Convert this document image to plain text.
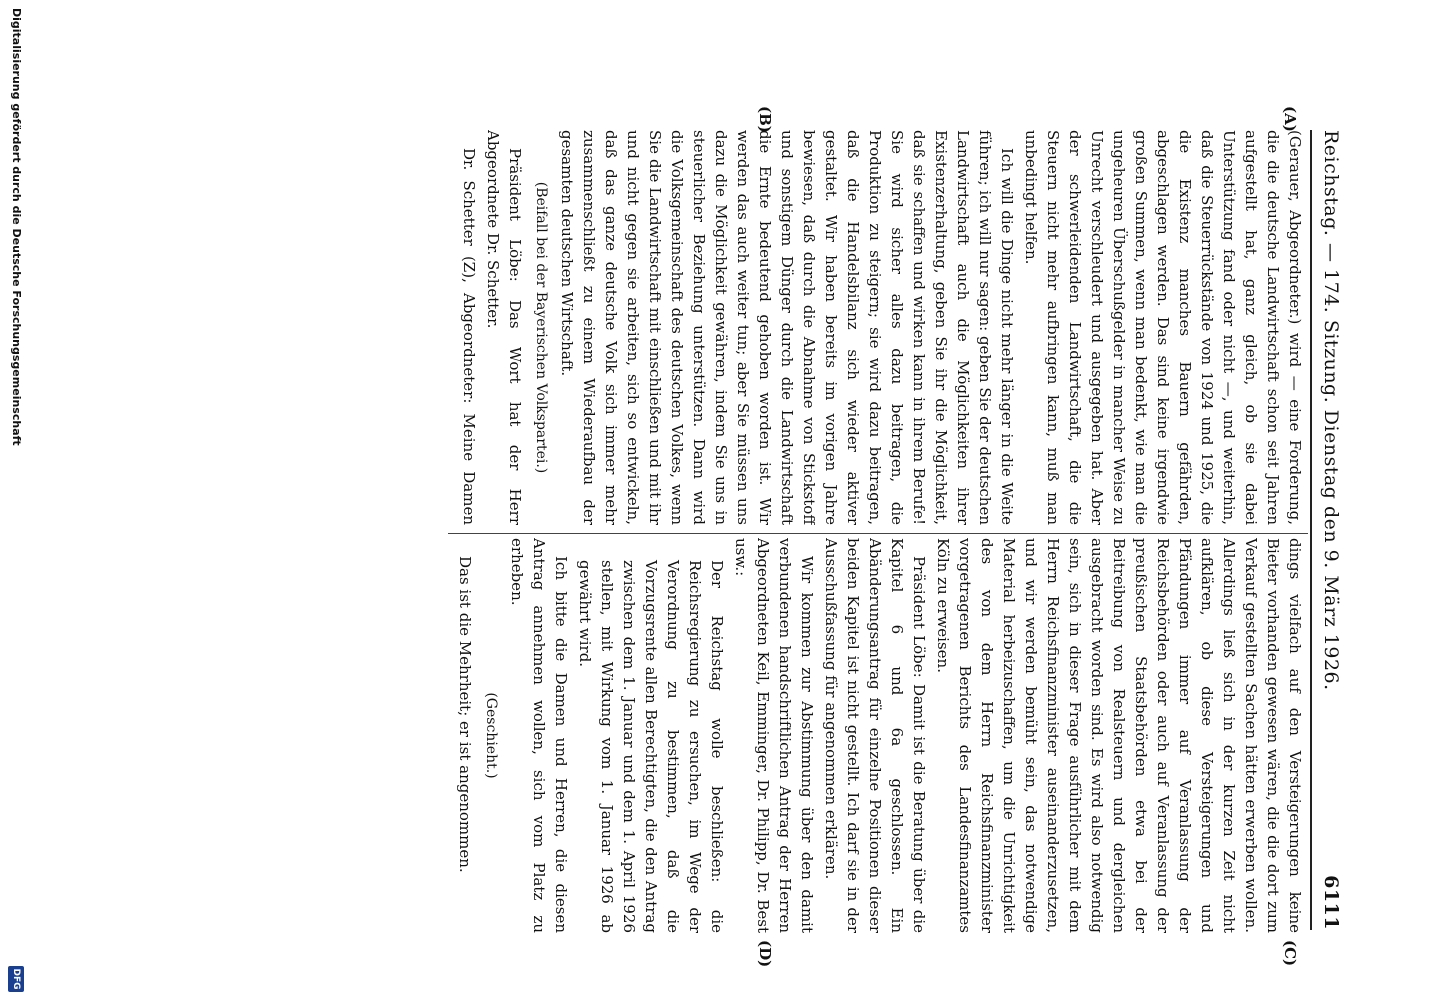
Reichstag. — 174. Sitzung. Dienstag den 9. März 1926.
6111
(A)
(B)
(C)
(D)

(Gerauer, Abgeordneter.) wird — eine Forderung, die die deutsche Landwirtschaft schon seit Jahren aufgestellt hat, ganz gleich, ob sie dabei Unterstützung fand oder nicht —, und weiterhin, daß die Steuerrückstände von 1924 und 1925, die die Existenz manches Bauern gefährden, abgeschlagen werden. Das sind keine irgendwie großen Summen, wenn man bedenkt, wie man die ungeheuren Überschußgelder in mancher Weise zu Unrecht verschleudert und ausgegeben hat. Aber der schwerleidenden Landwirtschaft, die die Steuern nicht mehr aufbringen kann, muß man unbedingt helfen.

Ich will die Dinge nicht mehr länger in die Weite führen; ich will nur sagen: geben Sie der deutschen Landwirtschaft auch die Möglichkeiten ihrer Existenzerhaltung, geben Sie ihr die Möglichkeit, daß sie schaffen und wirken kann in ihrem Berufe! Sie wird sicher alles dazu beitragen, die Produktion zu steigern; sie wird dazu beitragen, daß die Handelsbilanz sich wieder aktiver gestaltet. Wir haben bereits im vorigen Jahre bewiesen, daß durch die Abnahme von Stickstoff und sonstigem Dünger durch die Landwirtschaft die Ernte bedeutend gehoben worden ist. Wir werden das auch weiter tun; aber Sie müssen uns dazu die Möglichkeit gewähren, indem Sie uns in steuerlicher Beziehung unterstützen. Dann wird die Volksgemeinschaft des deutschen Volkes, wenn Sie die Landwirtschaft mit einschließen und mit ihr und nicht gegen sie arbeiten, sich so entwickeln, daß das ganze deutsche Volk sich immer mehr zusammenschließt zu einem Wiederaufbau der gesamten deutschen Wirtschaft.

(Beifall bei der Bayerischen Volkspartei.)

Präsident Löbe: Das Wort hat der Herr Abgeordnete Dr. Schetter.

Dr. Schetter (Z), Abgeordneter: Meine Damen

dings vielfach auf den Versteigerungen keine Bieter vorhanden gewesen wären, die die dort zum Verkauf gestellten Sachen hätten erwerben wollen. Allerdings ließ sich in der kurzen Zeit nicht aufklären, ob diese Versteigerungen und Pfändungen immer auf Veranlassung der Reichsbehörden oder auch auf Veranlassung der preußischen Staatsbehörden etwa bei der Beitreibung von Realsteuern und dergleichen ausgebracht worden sind. Es wird also notwendig sein, sich in dieser Frage ausführlicher mit dem Herrn Reichsfinanzminister auseinanderzusetzen, und wir werden bemüht sein, das notwendige Material herbeizuschaffen, um die Unrichtigkeit des von dem Herrn Reichsfinanzminister vorgetragenen Berichts des Landesfinanzamtes Köln zu erweisen.

Präsident Löbe: Damit ist die Beratung über die Kapitel 6 und 6a geschlossen. Ein Abänderungsantrag für einzelne Positionen dieser beiden Kapitel ist nicht gestellt. Ich darf sie in der Ausschußfassung für angenommen erklären.

Wir kommen zur Abstimmung über den damit verbundenen handschriftlichen Antrag der Herren Abgeordneten Keil, Emminger, Dr. Philipp, Dr. Best usw.:

Der Reichstag wolle beschließen: die Reichsregierung zu ersuchen, im Wege der Verordnung zu bestimmen, daß die Vorzugsrente allen Berechtigten, die den Antrag zwischen dem 1. Januar und dem 1. April 1926 stellen, mit Wirkung vom 1. Januar 1926 ab gewährt wird.

Ich bitte die Damen und Herren, die diesen Antrag annehmen wollen, sich vom Platz zu erheben.

(Geschieht.)

Das ist die Mehrheit; er ist angenommen.

Digitalisierung gefördert durch die Deutsche Forschungsgemeinschaft
DFG
